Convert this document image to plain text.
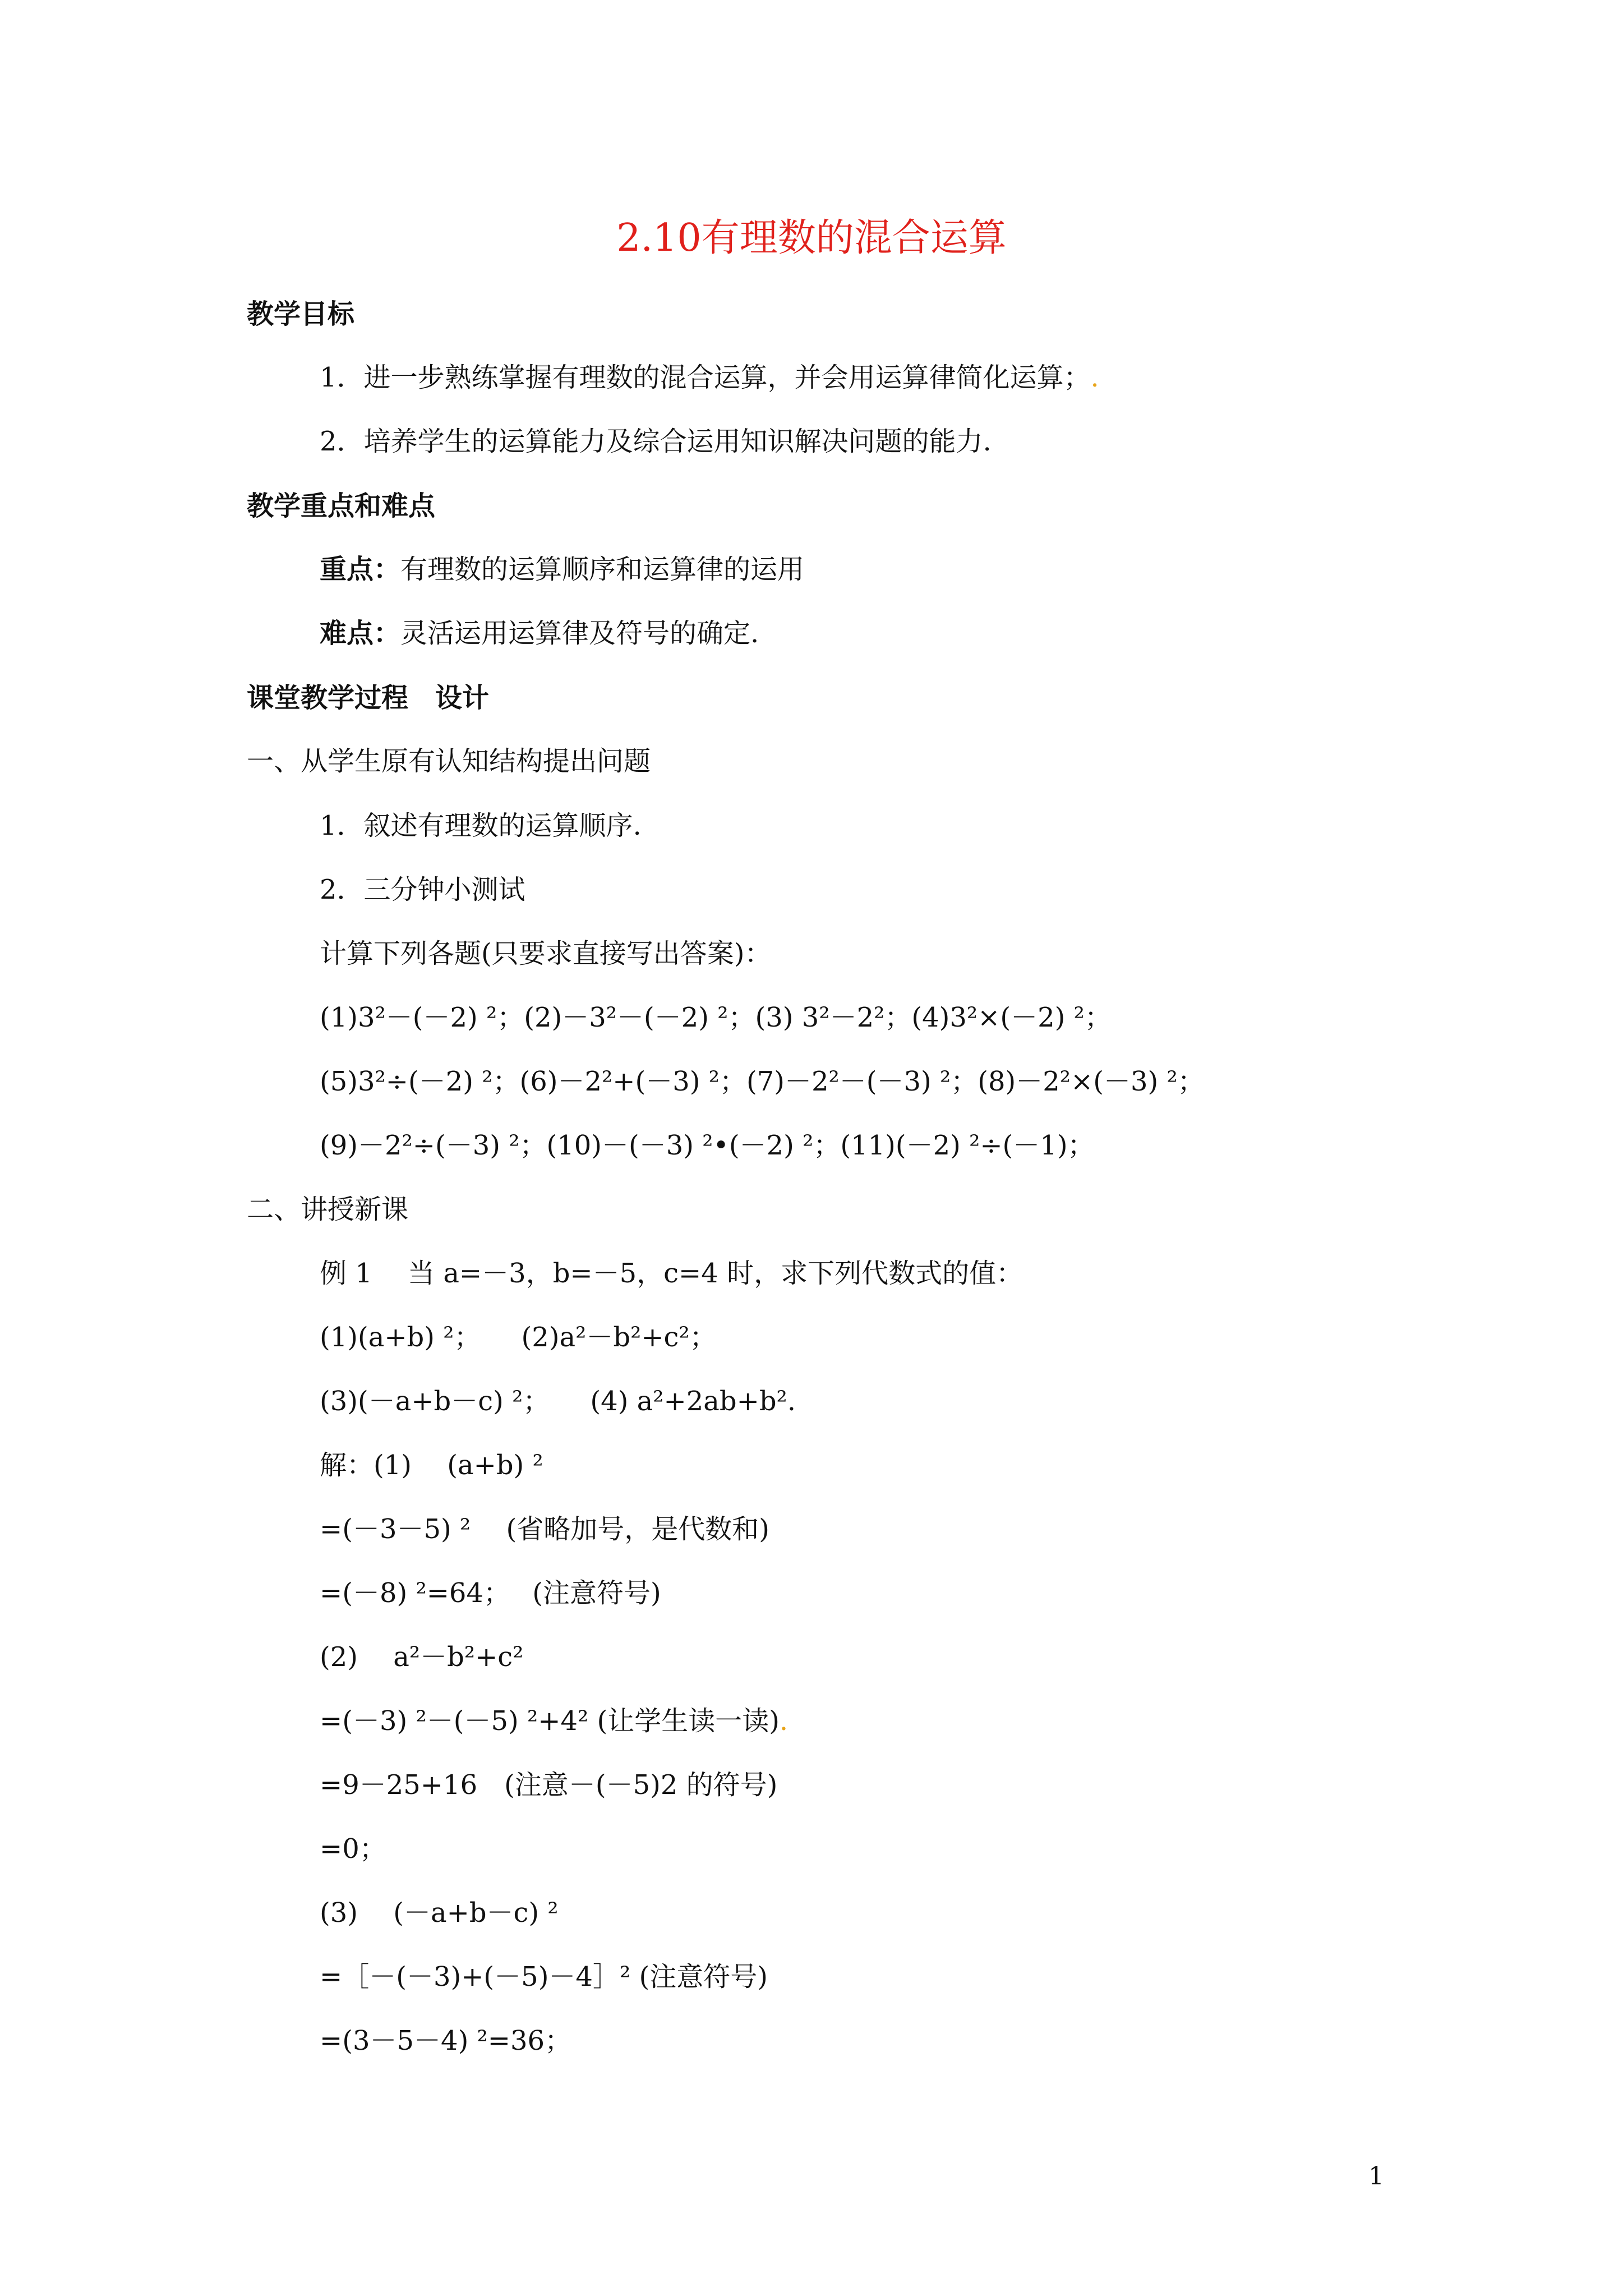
2.10有理数的混合运算
教学目标
1．进一步熟练掌握有理数的混合运算，并会用运算律简化运算；.
2．培养学生的运算能力及综合运用知识解决问题的能力.
教学重点和难点
重点：有理数的运算顺序和运算律的运用
难点：灵活运用运算律及符号的确定.
课堂教学过程　设计
一、从学生原有认知结构提出问题
1．叙述有理数的运算顺序.
2．三分钟小测试
计算下列各题(只要求直接写出答案)：
(1)3²－(－2) ²；(2)－3²－(－2) ²；(3) 3²－2²；(4)3²×(－2) ²；
(5)3²÷(－2) ²；(6)－2²+(－3) ²；(7)－2²－(－3) ²；(8)－2²×(－3) ²；
(9)－2²÷(－3) ²；(10)－(－3) ²•(－2) ²；(11)(－2) ²÷(－1)；
二、讲授新课
例 1　 当 a=－3，b=－5，c=4 时，求下列代数式的值：
(1)(a+b) ²；　　(2)a²－b²+c²；
(3)(－a+b－c) ²；　　(4) a²+2ab+b².
解：(1)　 (a+b) ²
=(－3－5) ²　 (省略加号，是代数和)
=(－8) ²=64；　 (注意符号)
(2)　 a²－b²+c²
=(－3) ²－(－5) ²+4² (让学生读一读).
=9－25+16　(注意－(－5)2 的符号)
=0；
(3)　 (－a+b－c) ²
=［－(－3)+(－5)－4］² (注意符号)
=(3－5－4) ²=36；
1
